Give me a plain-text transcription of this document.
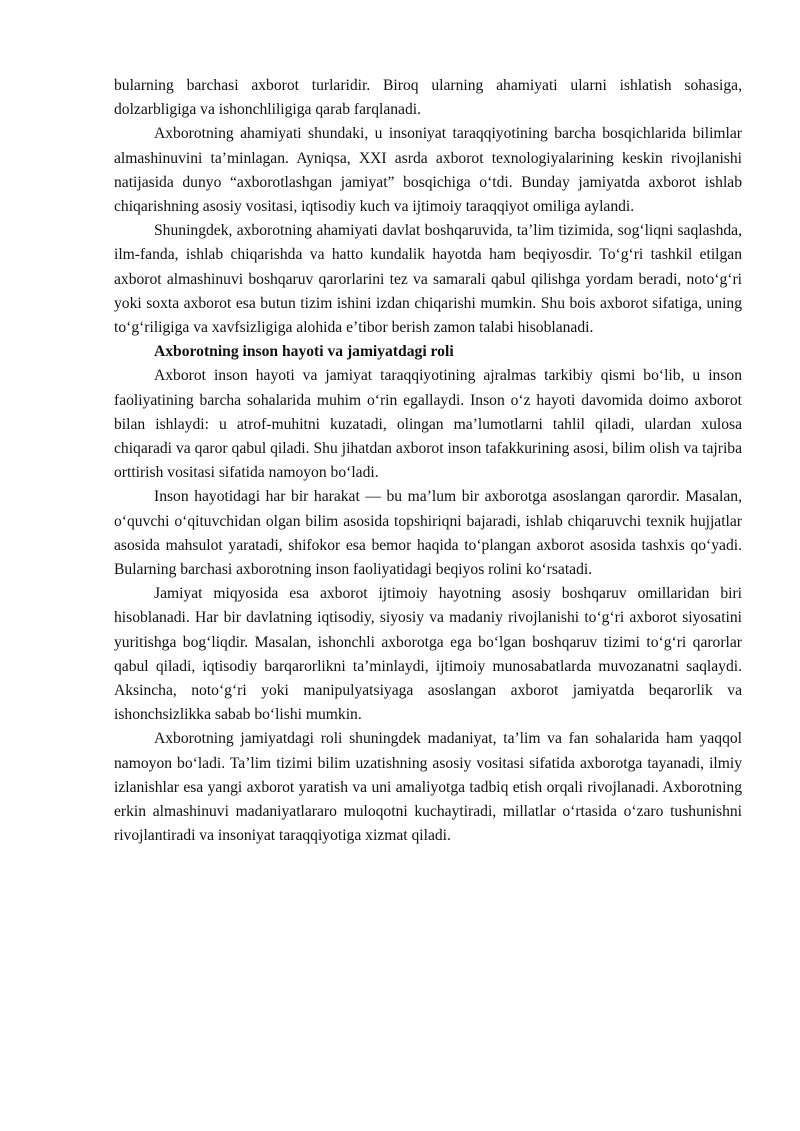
bularning barchasi axborot turlaridir. Biroq ularning ahamiyati ularni ishlatish sohasiga, dolzarbligiga va ishonchliligiga qarab farqlanadi.

Axborotning ahamiyati shundaki, u insoniyat taraqqiyotining barcha bosqichlarida bilimlar almashinuvini taʼminlagan. Ayniqsa, XXI asrda axborot texnologiyalarining keskin rivojlanishi natijasida dunyo “axborotlashgan jamiyat” bosqichiga oʻtdi. Bunday jamiyatda axborot ishlab chiqarishning asosiy vositasi, iqtisodiy kuch va ijtimoiy taraqqiyot omiliga aylandi.

Shuningdek, axborotning ahamiyati davlat boshqaruvida, taʼlim tizimida, sogʻliqni saqlashda, ilm-fanda, ishlab chiqarishda va hatto kundalik hayotda ham beqiyosdir. Toʻgʻri tashkil etilgan axborot almashinuvi boshqaruv qarorlarini tez va samarali qabul qilishga yordam beradi, notoʻgʻri yoki soxta axborot esa butun tizim ishini izdan chiqarishi mumkin. Shu bois axborot sifatiga, uning toʻgʻriligiga va xavfsizligiga alohida eʼtibor berish zamon talabi hisoblanadi.

Axborotning inson hayoti va jamiyatdagi roli

Axborot inson hayoti va jamiyat taraqqiyotining ajralmas tarkibiy qismi boʻlib, u inson faoliyatining barcha sohalarida muhim oʻrin egallaydi. Inson oʻz hayoti davomida doimo axborot bilan ishlaydi: u atrof-muhitni kuzatadi, olingan maʼlumotlarni tahlil qiladi, ulardan xulosa chiqaradi va qaror qabul qiladi. Shu jihatdan axborot inson tafakkurining asosi, bilim olish va tajriba orttirish vositasi sifatida namoyon boʻladi.

Inson hayotidagi har bir harakat — bu maʼlum bir axborotga asoslangan qarordir. Masalan, oʻquvchi oʻqituvchidan olgan bilim asosida topshiriqni bajaradi, ishlab chiqaruvchi texnik hujjatlar asosida mahsulot yaratadi, shifokor esa bemor haqida toʻplangan axborot asosida tashxis qoʻyadi. Bularning barchasi axborotning inson faoliyatidagi beqiyos rolini koʻrsatadi.

Jamiyat miqyosida esa axborot ijtimoiy hayotning asosiy boshqaruv omillaridan biri hisoblanadi. Har bir davlatning iqtisodiy, siyosiy va madaniy rivojlanishi toʻgʻri axborot siyosatini yuritishga bogʻliqdir. Masalan, ishonchli axborotga ega boʻlgan boshqaruv tizimi toʻgʻri qarorlar qabul qiladi, iqtisodiy barqarorlikni taʼminlaydi, ijtimoiy munosabatlarda muvozanatni saqlaydi. Aksincha, notoʻgʻri yoki manipulyatsiyaga asoslangan axborot jamiyatda beqarorlik va ishonchsizlikka sabab boʻlishi mumkin.

Axborotning jamiyatdagi roli shuningdek madaniyat, taʼlim va fan sohalarida ham yaqqol namoyon boʻladi. Taʼlim tizimi bilim uzatishning asosiy vositasi sifatida axborotga tayanadi, ilmiy izlanishlar esa yangi axborot yaratish va uni amaliyotga tadbiq etish orqali rivojlanadi. Axborotning erkin almashinuvi madaniyatlararo muloqotni kuchaytiradi, millatlar oʻrtasida oʻzaro tushunishni rivojlantiradi va insoniyat taraqqiyotiga xizmat qiladi.
